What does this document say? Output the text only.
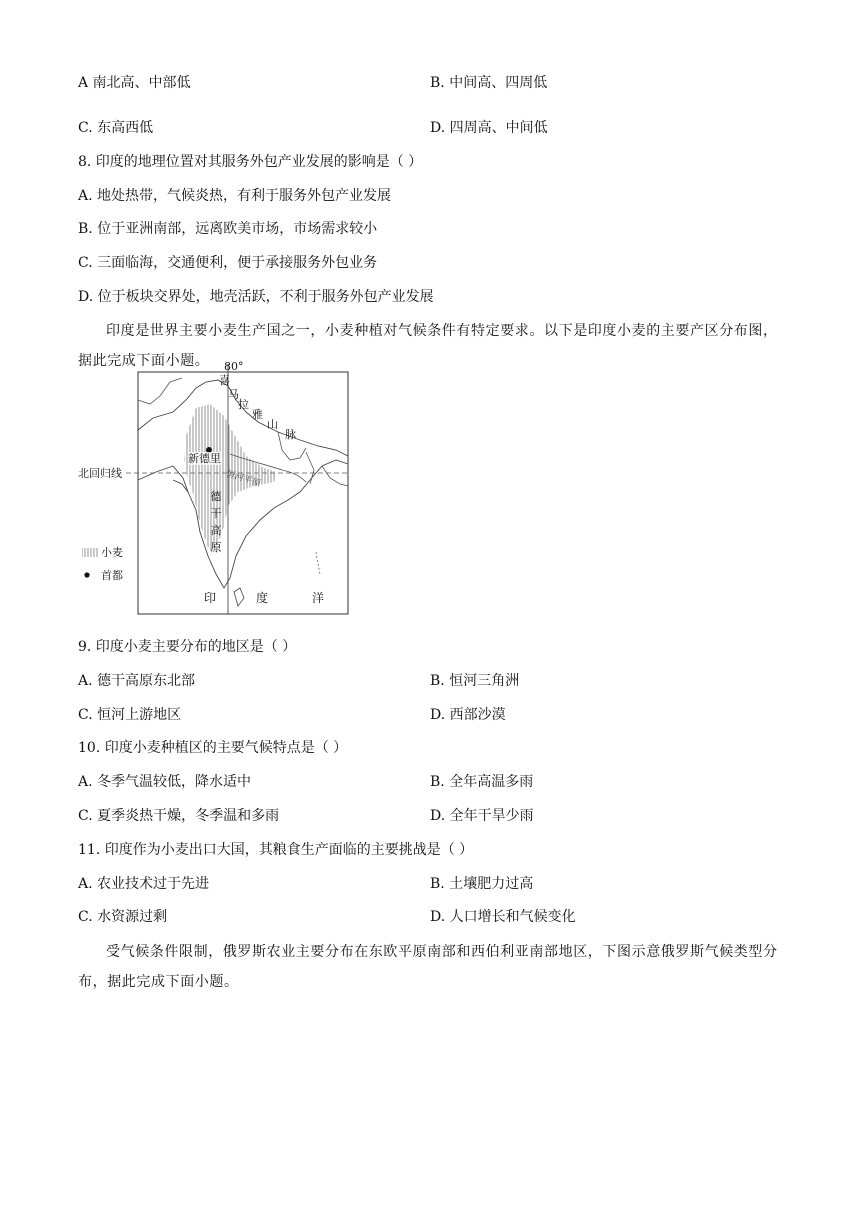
A 南北高、中部低	B. 中间高、四周低
C. 东高西低	D. 四周高、中间低
8. 印度的地理位置对其服务外包产业发展的影响是（ ）
A. 地处热带，气候炎热，有利于服务外包产业发展
B. 位于亚洲南部，远离欧美市场，市场需求较小
C. 三面临海，交通便利，便于承接服务外包业务
D. 位于板块交界处，地壳活跃，不利于服务外包产业发展
印度是世界主要小麦生产国之一，小麦种植对气候条件有特定要求。以下是印度小麦的主要产区分布图，据此完成下面小题。	80°
喜
马
拉
雅
山
脉
新德里
北回归线	恒河平原
德干高原
印	度	洋
小麦
首都
9. 印度小麦主要分布的地区是（ ）
A. 德干高原东北部	B. 恒河三角洲
C. 恒河上游地区	D. 西部沙漠
10. 印度小麦种植区的主要气候特点是（ ）
A. 冬季气温较低，降水适中	B. 全年高温多雨
C. 夏季炎热干燥，冬季温和多雨	D. 全年干旱少雨
11. 印度作为小麦出口大国，其粮食生产面临的主要挑战是（ ）
A. 农业技术过于先进	B. 土壤肥力过高
C. 水资源过剩	D. 人口增长和气候变化
受气候条件限制，俄罗斯农业主要分布在东欧平原南部和西伯利亚南部地区，下图示意俄罗斯气候类型分布，据此完成下面小题。
